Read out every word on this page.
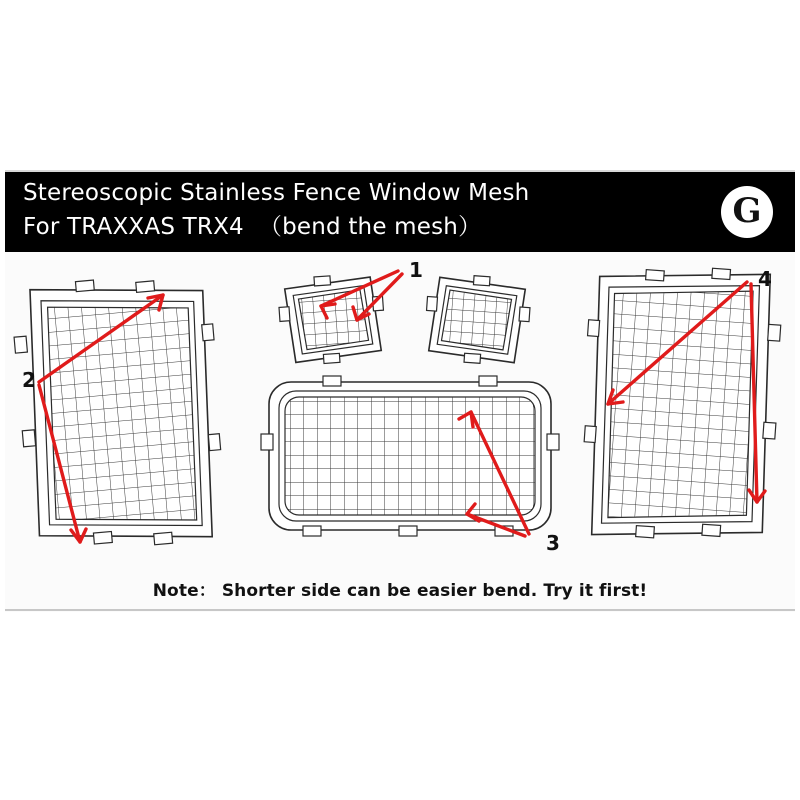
Stereoscopic Stainless Fence Window Mesh
For TRAXXAS TRX4  （bend the mesh）	G
1
2
3
4
Note： Shorter side can be easier bend. Try it first!
